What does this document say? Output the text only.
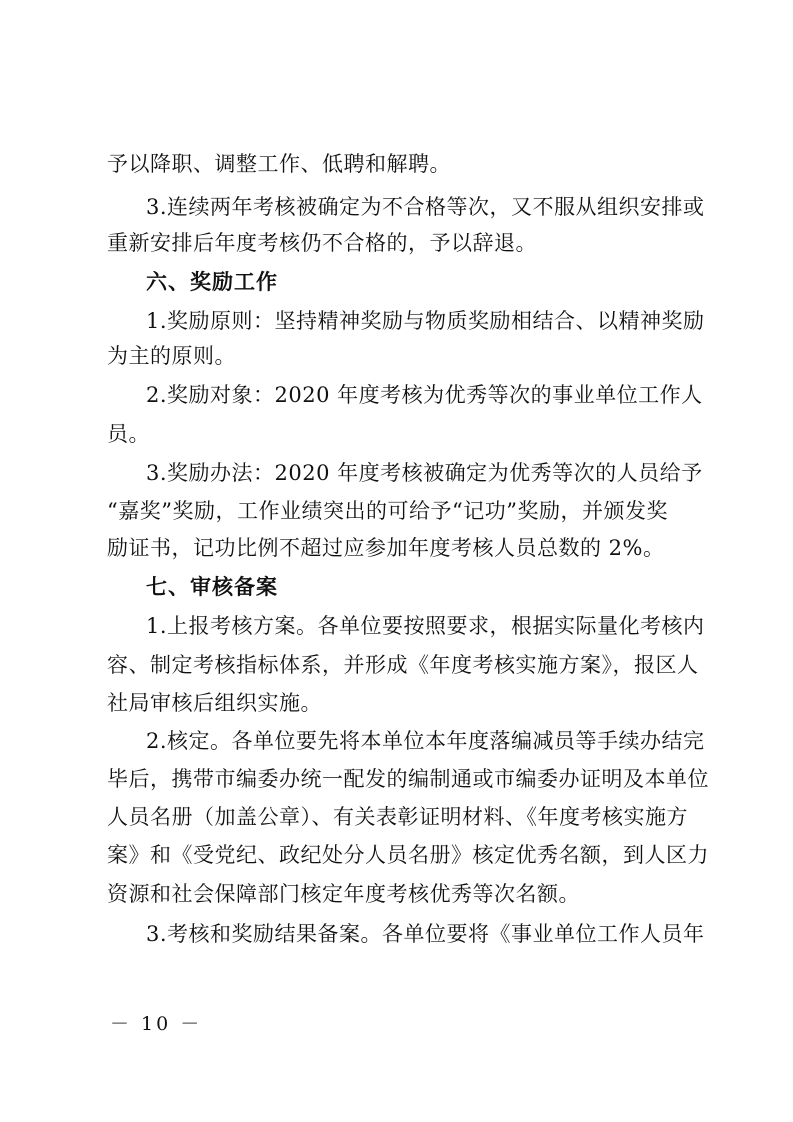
予以降职、调整工作、低聘和解聘。
3.连续两年考核被确定为不合格等次，又不服从组织安排或
重新安排后年度考核仍不合格的，予以辞退。
六、奖励工作
1.奖励原则：坚持精神奖励与物质奖励相结合、以精神奖励
为主的原则。
2.奖励对象：2020 年度考核为优秀等次的事业单位工作人
员。
3.奖励办法：2020 年度考核被确定为优秀等次的人员给予
“嘉奖”奖励，工作业绩突出的可给予“记功”奖励，并颁发奖
励证书，记功比例不超过应参加年度考核人员总数的 2%。
七、审核备案
1.上报考核方案。各单位要按照要求，根据实际量化考核内
容、制定考核指标体系，并形成《年度考核实施方案》，报区人
社局审核后组织实施。
2.核定。各单位要先将本单位本年度落编减员等手续办结完
毕后，携带市编委办统一配发的编制通或市编委办证明及本单位
人员名册（加盖公章）、有关表彰证明材料、《年度考核实施方
案》和《受党纪、政纪处分人员名册》核定优秀名额，到人区力
资源和社会保障部门核定年度考核优秀等次名额。
3.考核和奖励结果备案。各单位要将《事业单位工作人员年
－ 10 －
